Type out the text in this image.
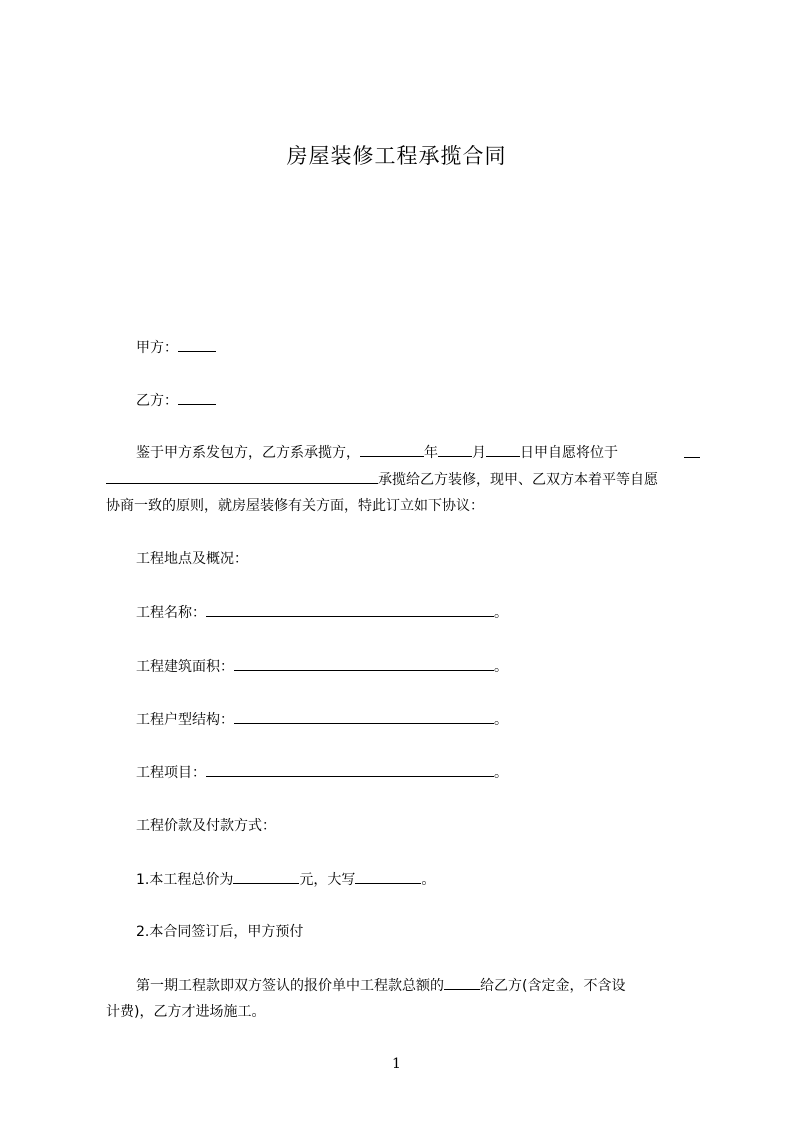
房屋装修工程承揽合同
甲方：
乙方：
鉴于甲方系发包方，乙方系承揽方，	年 月 日甲自愿将位于
承揽给乙方装修，现甲、乙双方本着平等自愿
协商一致的原则，就房屋装修有关方面，特此订立如下协议：
工程地点及概况：
工程名称：	。
工程建筑面积：	。
工程户型结构：	。
工程项目：	。
工程价款及付款方式：
1.本工程总价为	元，大写	。
2.本合同签订后，甲方预付
第一期工程款即双方签认的报价单中工程款总额的	给乙方(含定金，不含设
计费)，乙方才进场施工。
1
